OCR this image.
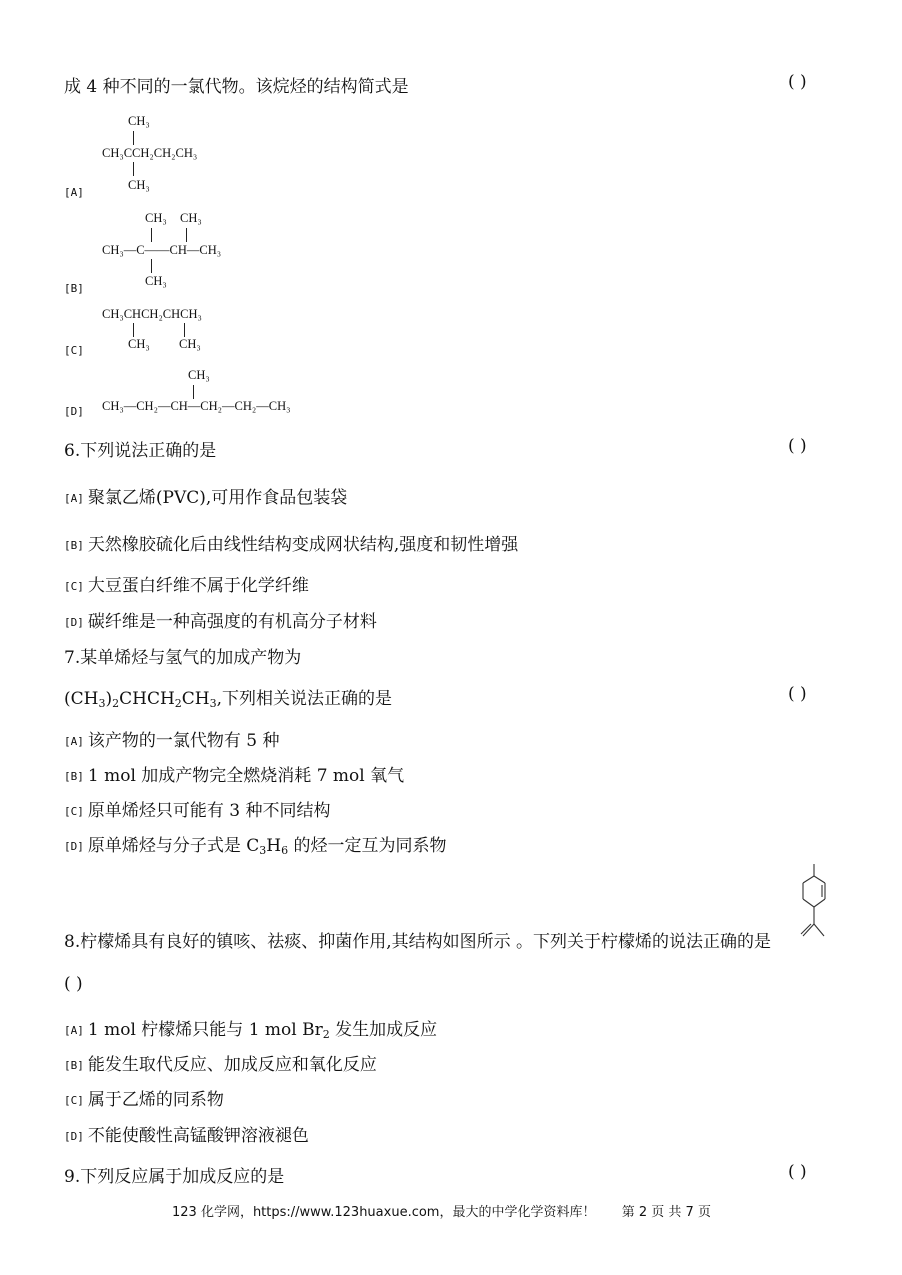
成 4 种不同的一氯代物。该烷烃的结构简式是	( )
CH₃
CH₃CCH₂CH₂CH₃
CH₃
[A]
CH₃ CH₃
CH₃—C——CH—CH₃
CH₃
[B]
CH₃CHCH₂CHCH₃
CH₃ CH₃
[C]
CH₃
CH₃—CH₂—CH—CH₂—CH₂—CH₃
[D]
6.下列说法正确的是	( )
[A] 聚氯乙烯(PVC),可用作食品包装袋
[B] 天然橡胶硫化后由线性结构变成网状结构,强度和韧性增强
[C] 大豆蛋白纤维不属于化学纤维
[D] 碳纤维是一种高强度的有机高分子材料
7.某单烯烃与氢气的加成产物为
$(CH_3)_2CHCH_2CH_3$,下列相关说法正确的是	( )
[A] 该产物的一氯代物有 5 种
[B] 1 mol 加成产物完全燃烧消耗 7 mol 氧气
[C] 原单烯烃只可能有 3 种不同结构
[D] 原单烯烃与分子式是 $C_3H_6$ 的烃一定互为同系物
8.柠檬烯具有良好的镇咳、祛痰、抑菌作用,其结构如图所示 。下列关于柠檬烯的说法正确的是
( )
[A] 1 mol 柠檬烯只能与 1 mol $Br_2$ 发生加成反应
[B] 能发生取代反应、加成反应和氧化反应
[C] 属于乙烯的同系物
[D] 不能使酸性高锰酸钾溶液褪色
9.下列反应属于加成反应的是	( )
123 化学网，https://www.123huaxue.com，最大的中学化学资料库！ 第 2 页 共 7 页
